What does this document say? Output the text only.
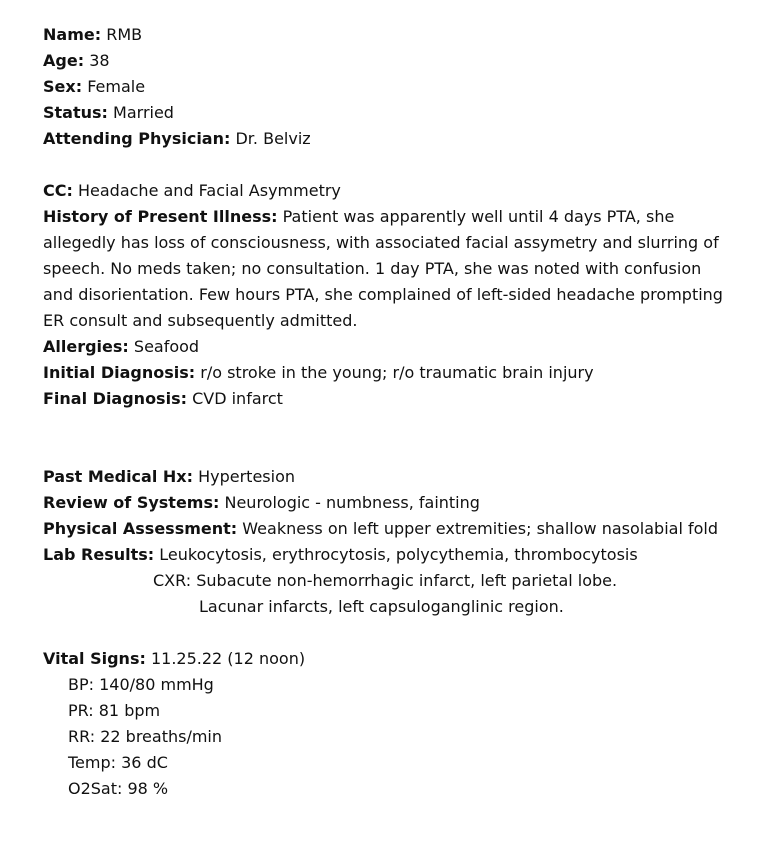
Name: RMB
Age: 38
Sex: Female
Status: Married
Attending Physician: Dr. Belviz
CC: Headache and Facial Asymmetry
History of Present Illness: Patient was apparently well until 4 days PTA, she allegedly has loss of consciousness, with associated facial assymetry and slurring of speech. No meds taken; no consultation. 1 day PTA, she was noted with confusion and disorientation. Few hours PTA, she complained of left-sided headache prompting ER consult and subsequently admitted.
Allergies: Seafood
Initial Diagnosis: r/o stroke in the young; r/o traumatic brain injury
Final Diagnosis: CVD infarct
Past Medical Hx: Hypertesion
Review of Systems: Neurologic - numbness, fainting
Physical Assessment: Weakness on left upper extremities; shallow nasolabial fold
Lab Results: Leukocytosis, erythrocytosis, polycythemia, thrombocytosis
CXR: Subacute non-hemorrhagic infarct, left parietal lobe.
Lacunar infarcts, left capsuloganglinic region.
Vital Signs: 11.25.22 (12 noon)
BP: 140/80 mmHg
PR: 81 bpm
RR: 22 breaths/min
Temp: 36 dC
O2Sat: 98 %
